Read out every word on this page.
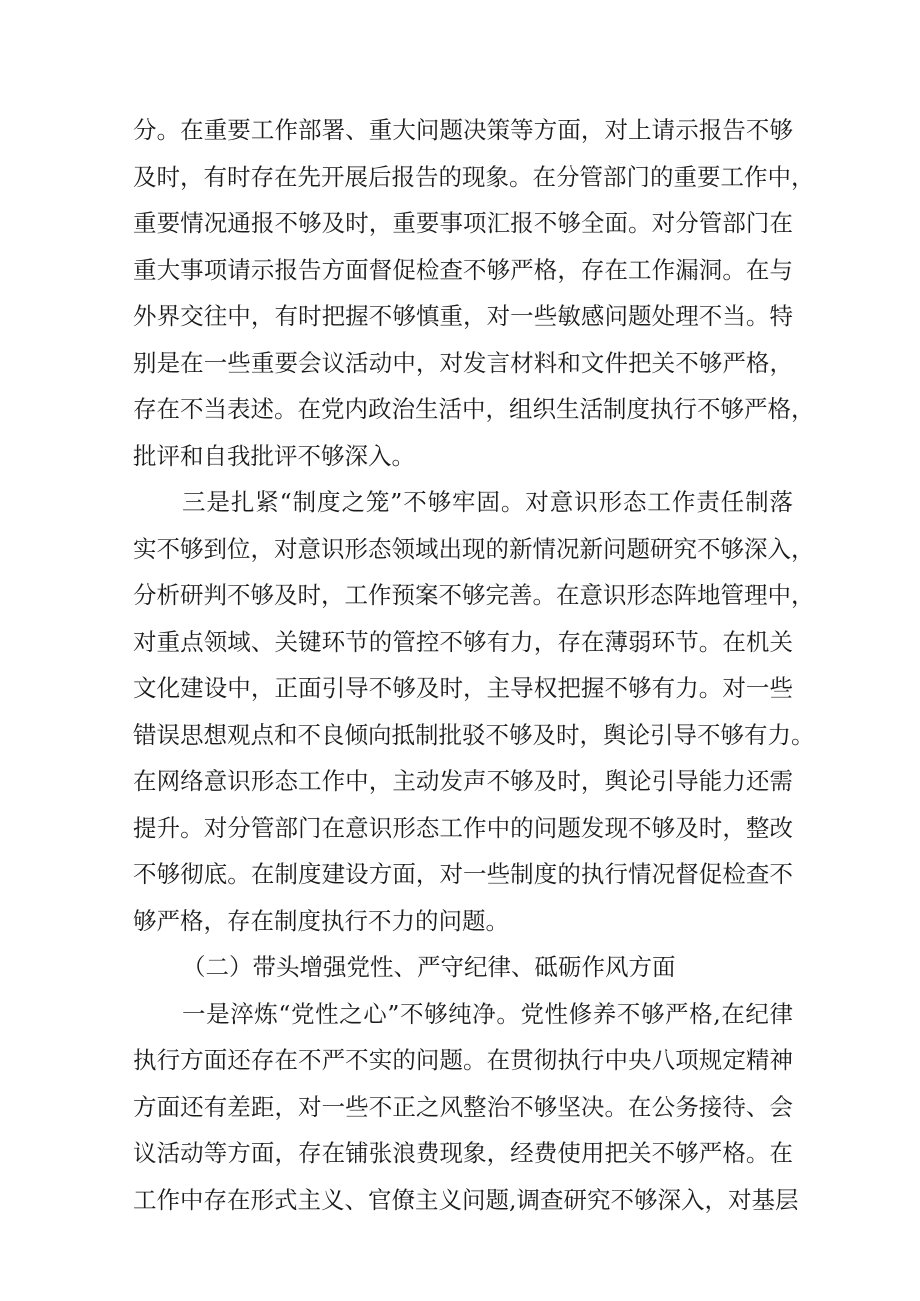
分。在重要工作部署、重大问题决策等方面，对上请示报告不够
及时，有时存在先开展后报告的现象。在分管部门的重要工作中，
重要情况通报不够及时，重要事项汇报不够全面。对分管部门在
重大事项请示报告方面督促检查不够严格，存在工作漏洞。在与
外界交往中，有时把握不够慎重，对一些敏感问题处理不当。特
别是在一些重要会议活动中，对发言材料和文件把关不够严格，
存在不当表述。在党内政治生活中，组织生活制度执行不够严格，
批评和自我批评不够深入。
三是扎紧“制度之笼”不够牢固。对意识形态工作责任制落
实不够到位，对意识形态领域出现的新情况新问题研究不够深入，
分析研判不够及时，工作预案不够完善。在意识形态阵地管理中，
对重点领域、关键环节的管控不够有力，存在薄弱环节。在机关
文化建设中，正面引导不够及时，主导权把握不够有力。对一些
错误思想观点和不良倾向抵制批驳不够及时，舆论引导不够有力。
在网络意识形态工作中，主动发声不够及时，舆论引导能力还需
提升。对分管部门在意识形态工作中的问题发现不够及时，整改
不够彻底。在制度建设方面，对一些制度的执行情况督促检查不
够严格，存在制度执行不力的问题。
（二）带头增强党性、严守纪律、砥砺作风方面
一是淬炼“党性之心”不够纯净。党性修养不够严格,在纪律
执行方面还存在不严不实的问题。在贯彻执行中央八项规定精神
方面还有差距，对一些不正之风整治不够坚决。在公务接待、会
议活动等方面，存在铺张浪费现象，经费使用把关不够严格。在
工作中存在形式主义、官僚主义问题,调查研究不够深入，对基层
